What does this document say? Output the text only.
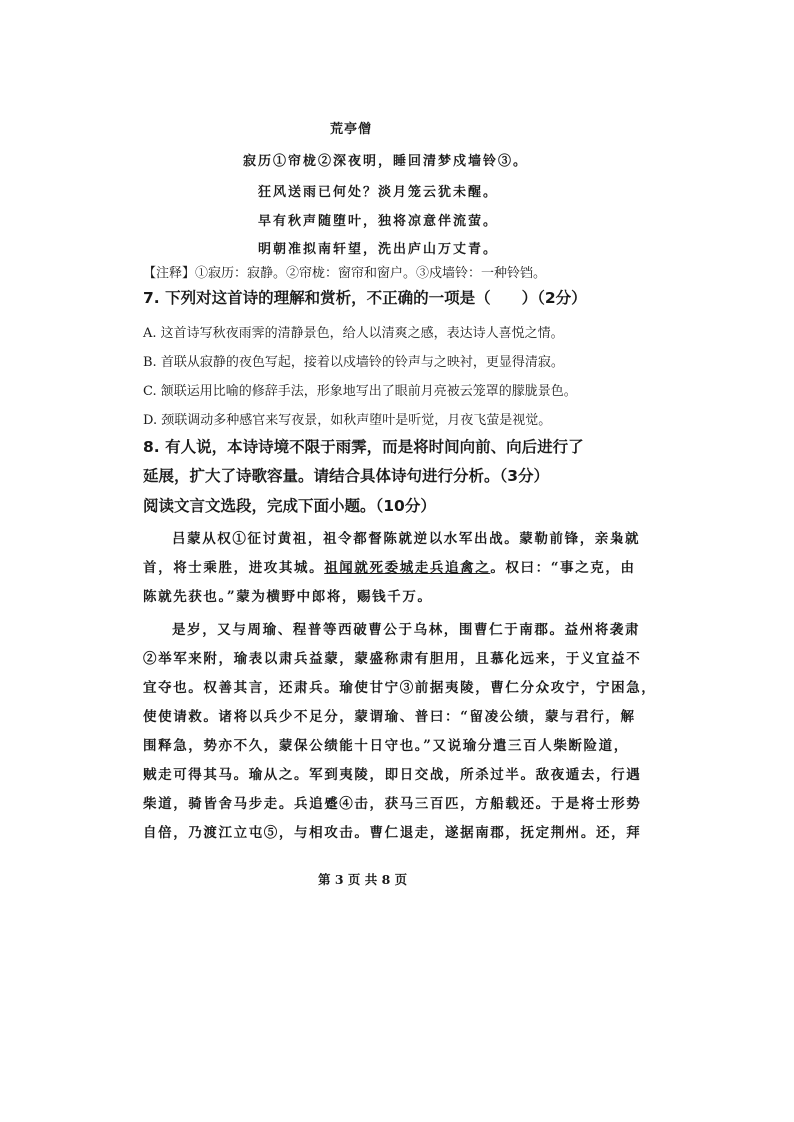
荒亭僧
寂历①帘栊②深夜明，睡回清梦戍墙铃③。
狂风送雨已何处？淡月笼云犹未醒。
早有秋声随堕叶，独将凉意伴流萤。
明朝准拟南轩望，洗出庐山万丈青。
【注释】①寂历：寂静。②帘栊：窗帘和窗户。③戍墙铃：一种铃铛。
7. 下列对这首诗的理解和赏析，不正确的一项是（　　）（2分）
A. 这首诗写秋夜雨霁的清静景色，给人以清爽之感，表达诗人喜悦之情。
B. 首联从寂静的夜色写起，接着以戍墙铃的铃声与之映衬，更显得清寂。
C. 颔联运用比喻的修辞手法，形象地写出了眼前月亮被云笼罩的朦胧景色。
D. 颈联调动多种感官来写夜景，如秋声堕叶是听觉，月夜飞萤是视觉。
8. 有人说，本诗诗境不限于雨霁，而是将时间向前、向后进行了
延展，扩大了诗歌容量。请结合具体诗句进行分析。（3分）
阅读文言文选段，完成下面小题。（10分）
吕蒙从权①征讨黄祖，祖令都督陈就逆以水军出战。蒙勒前锋，亲枭就
首，将士乘胜，进攻其城。祖闻就死委城走兵追禽之。权曰：“事之克，由
陈就先获也。”蒙为横野中郎将，赐钱千万。
是岁，又与周瑜、程普等西破曹公于乌林，围曹仁于南郡。益州将袭肃
②举军来附，瑜表以肃兵益蒙，蒙盛称肃有胆用，且慕化远来，于义宜益不
宜夺也。权善其言，还肃兵。瑜使甘宁③前据夷陵，曹仁分众攻宁，宁困急，
使使请救。诸将以兵少不足分，蒙谓瑜、普曰：“留凌公绩，蒙与君行，解
围释急，势亦不久，蒙保公绩能十日守也。”又说瑜分遣三百人柴断险道，
贼走可得其马。瑜从之。军到夷陵，即日交战，所杀过半。敌夜遁去，行遇
柴道，骑皆舍马步走。兵追蹙④击，获马三百匹，方船载还。于是将士形势
自倍，乃渡江立屯⑤，与相攻击。曹仁退走，遂据南郡，抚定荆州。还，拜
第 3 页 共 8 页
